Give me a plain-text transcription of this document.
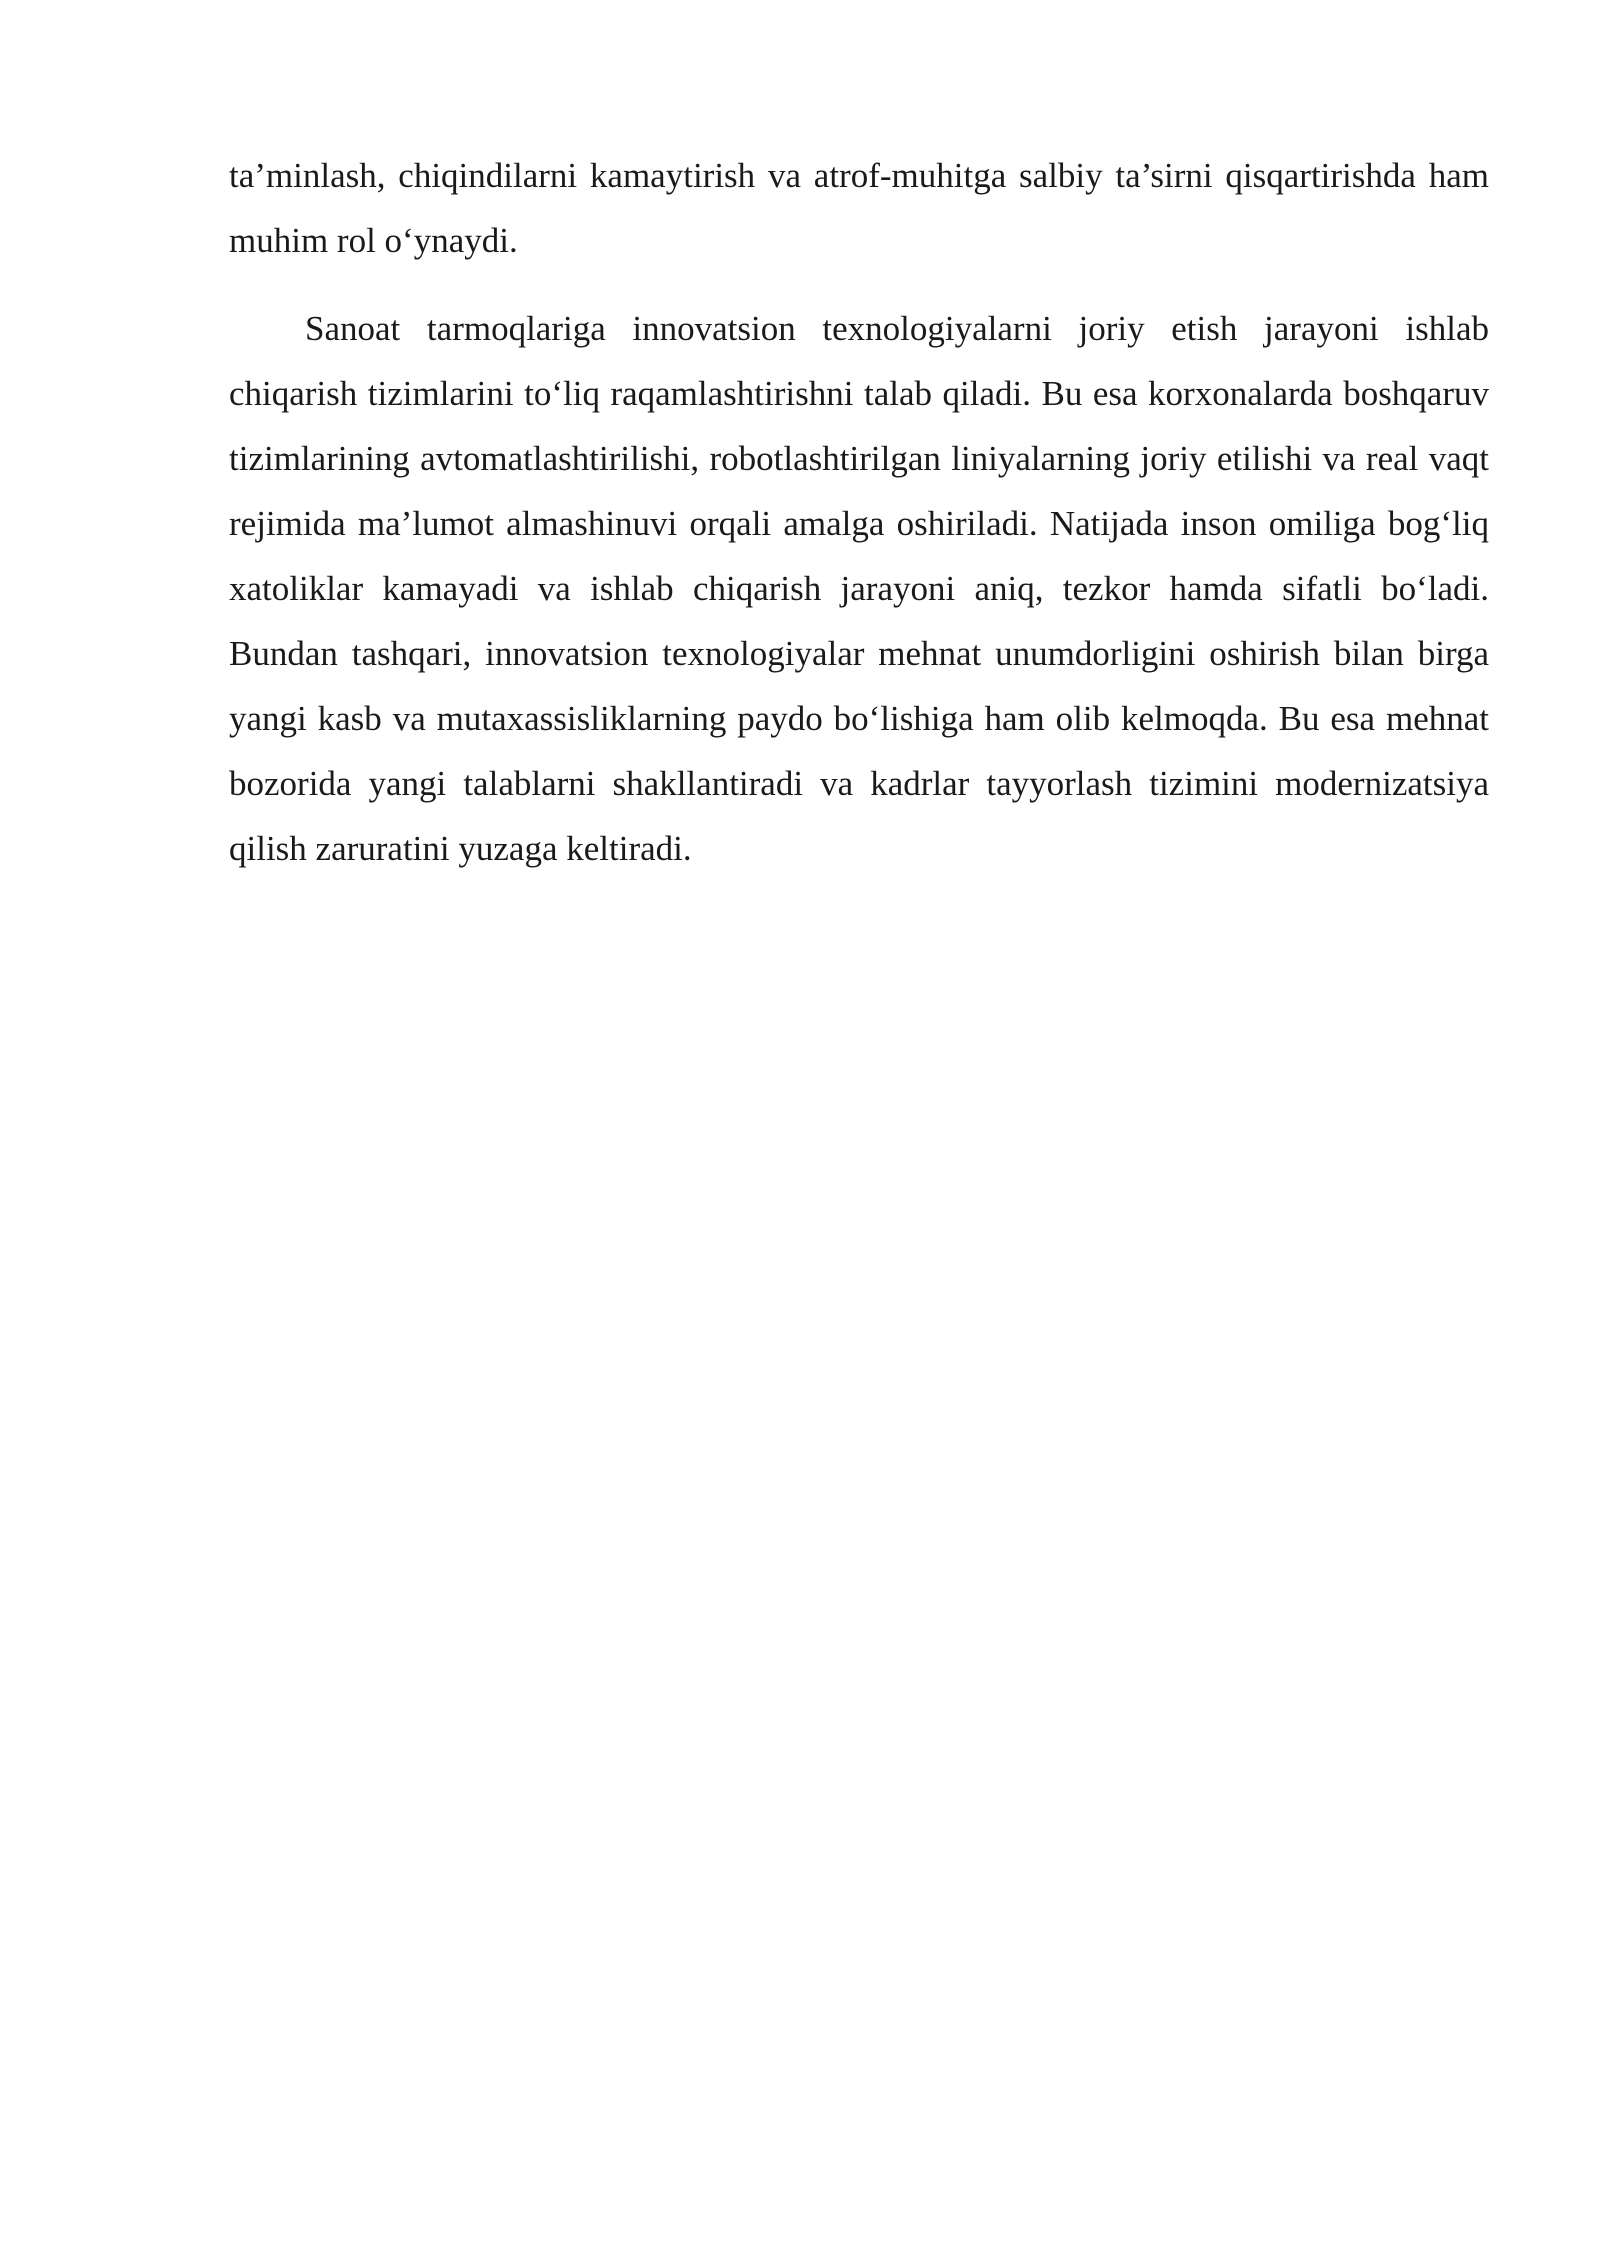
ta’minlash, chiqindilarni kamaytirish va atrof-muhitga salbiy ta’sirni qisqartirishda ham muhim rol o‘ynaydi.

Sanoat tarmoqlariga innovatsion texnologiyalarni joriy etish jarayoni ishlab chiqarish tizimlarini to‘liq raqamlashtirishni talab qiladi. Bu esa korxonalarda boshqaruv tizimlarining avtomatlashtirilishi, robotlashtirilgan liniyalarning joriy etilishi va real vaqt rejimida ma’lumot almashinuvi orqali amalga oshiriladi. Natijada inson omiliga bog‘liq xatoliklar kamayadi va ishlab chiqarish jarayoni aniq, tezkor hamda sifatli bo‘ladi. Bundan tashqari, innovatsion texnologiyalar mehnat unumdorligini oshirish bilan birga yangi kasb va mutaxassisliklarning paydo bo‘lishiga ham olib kelmoqda. Bu esa mehnat bozorida yangi talablarni shakllantiradi va kadrlar tayyorlash tizimini modernizatsiya qilish zaruratini yuzaga keltiradi.
